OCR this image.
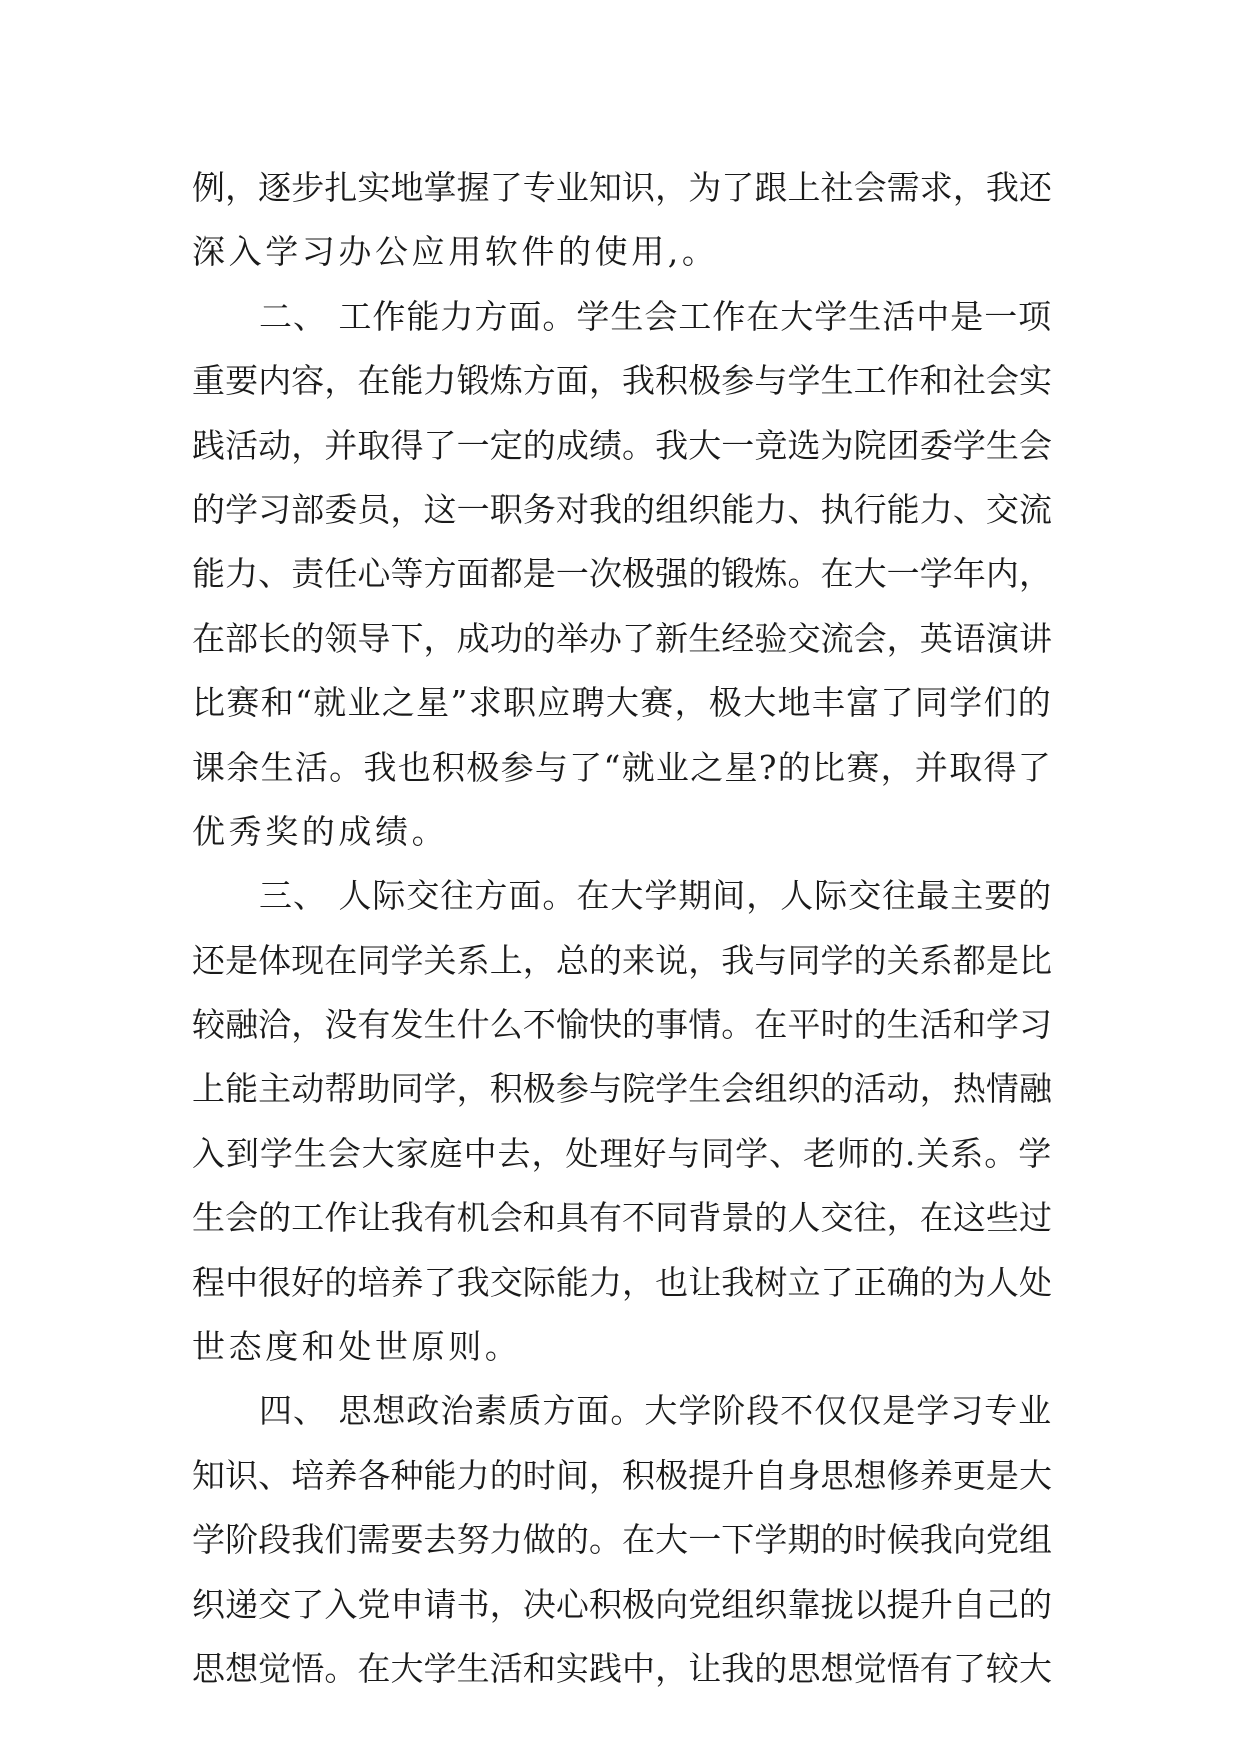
例，逐步扎实地掌握了专业知识，为了跟上社会需求，我还
深入学习办公应用软件的使用,。
二、 工作能力方面。学生会工作在大学生活中是一项
重要内容，在能力锻炼方面，我积极参与学生工作和社会实
践活动，并取得了一定的成绩。我大一竞选为院团委学生会
的学习部委员，这一职务对我的组织能力、执行能力、交流
能力、责任心等方面都是一次极强的锻炼。在大一学年内，
在部长的领导下，成功的举办了新生经验交流会，英语演讲
比赛和“就业之星”求职应聘大赛，极大地丰富了同学们的
课余生活。我也积极参与了“就业之星?的比赛，并取得了
优秀奖的成绩。
三、 人际交往方面。在大学期间，人际交往最主要的
还是体现在同学关系上，总的来说，我与同学的关系都是比
较融洽，没有发生什么不愉快的事情。在平时的生活和学习
上能主动帮助同学，积极参与院学生会组织的活动，热情融
入到学生会大家庭中去，处理好与同学、老师的.关系。学
生会的工作让我有机会和具有不同背景的人交往，在这些过
程中很好的培养了我交际能力，也让我树立了正确的为人处
世态度和处世原则。
四、 思想政治素质方面。大学阶段不仅仅是学习专业
知识、培养各种能力的时间，积极提升自身思想修养更是大
学阶段我们需要去努力做的。在大一下学期的时候我向党组
织递交了入党申请书，决心积极向党组织靠拢以提升自己的
思想觉悟。在大学生活和实践中，让我的思想觉悟有了较大
